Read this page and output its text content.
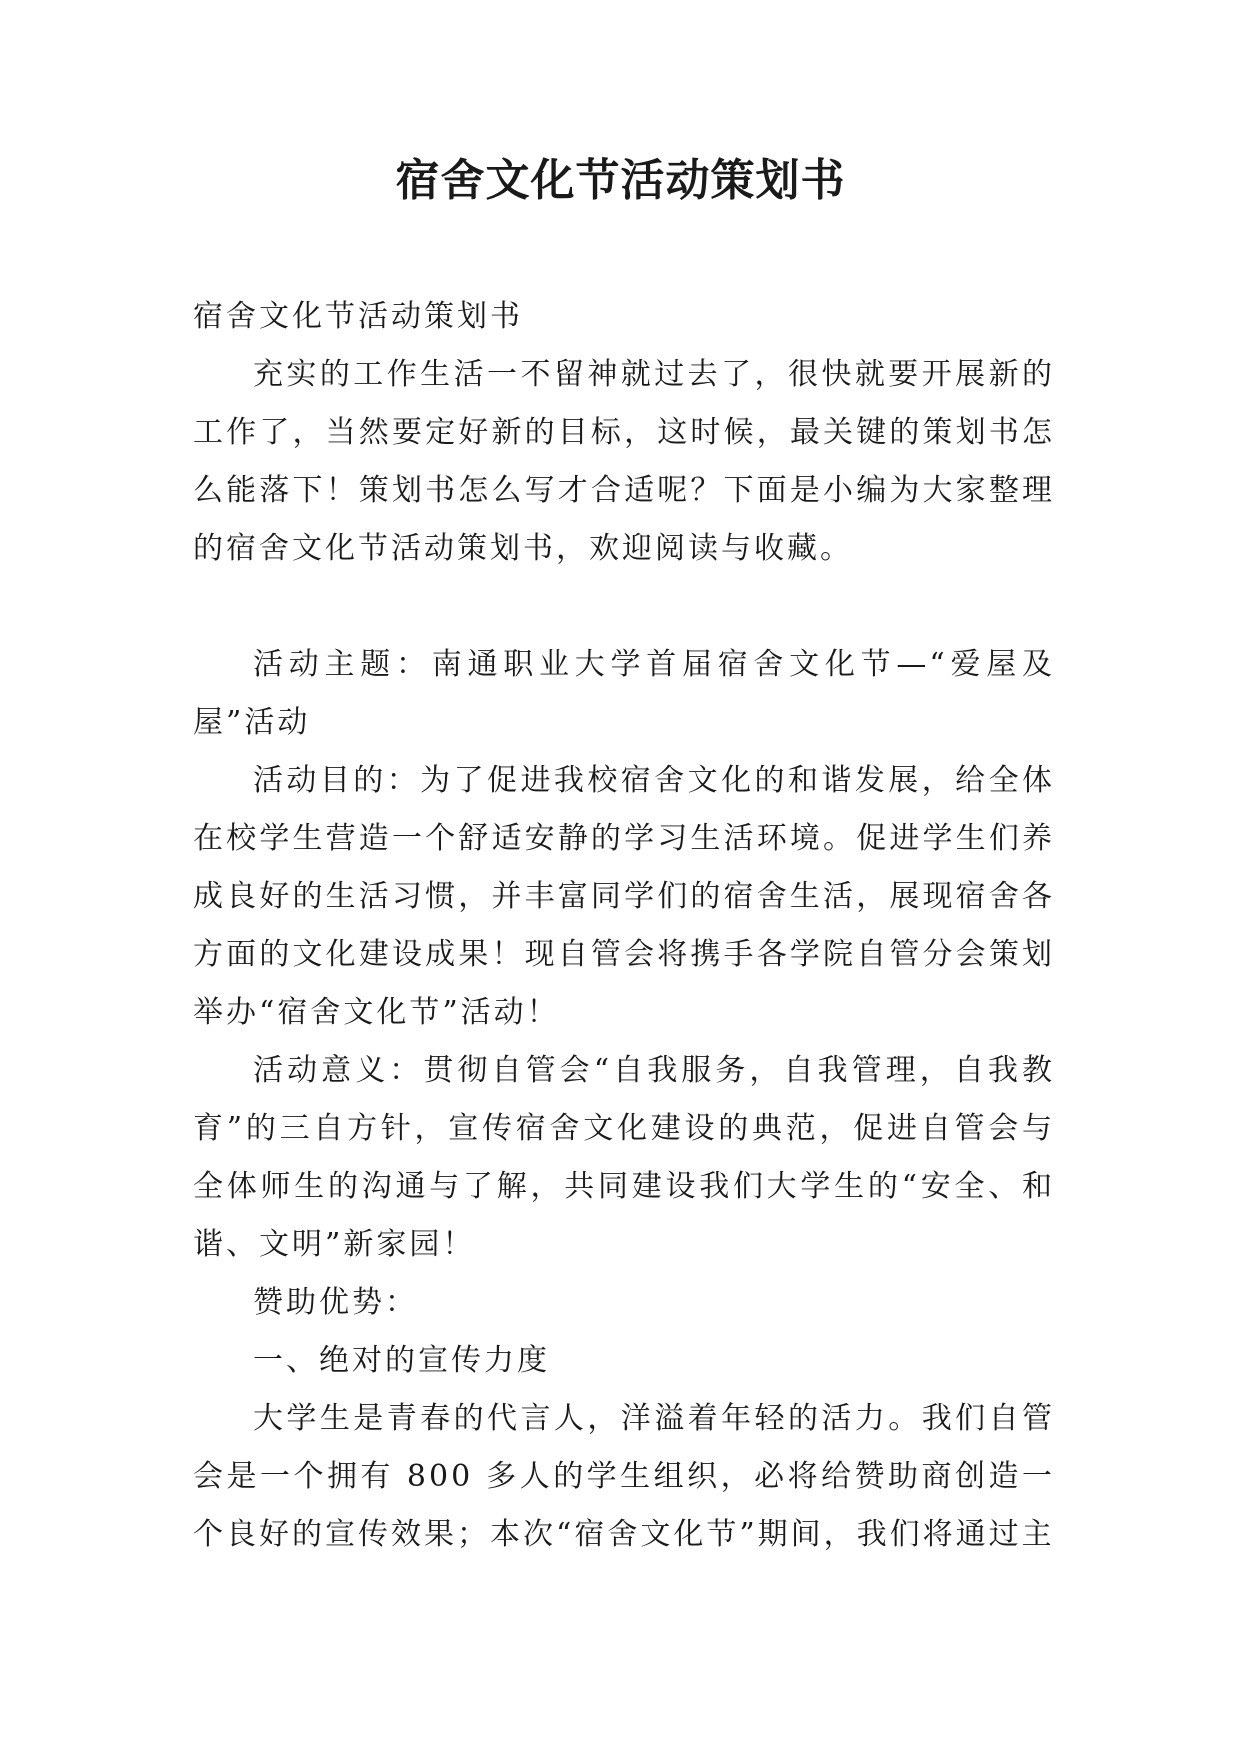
宿舍文化节活动策划书

宿舍文化节活动策划书

充实的工作生活一不留神就过去了，很快就要开展新的工作了，当然要定好新的目标，这时候，最关键的策划书怎么能落下！策划书怎么写才合适呢？下面是小编为大家整理的宿舍文化节活动策划书，欢迎阅读与收藏。

活动主题：南通职业大学首届宿舍文化节—“爱屋及屋”活动

活动目的：为了促进我校宿舍文化的和谐发展，给全体在校学生营造一个舒适安静的学习生活环境。促进学生们养成良好的生活习惯，并丰富同学们的宿舍生活，展现宿舍各方面的文化建设成果！现自管会将携手各学院自管分会策划举办“宿舍文化节”活动！

活动意义：贯彻自管会“自我服务，自我管理，自我教育”的三自方针，宣传宿舍文化建设的典范，促进自管会与全体师生的沟通与了解，共同建设我们大学生的“安全、和谐、文明”新家园！

赞助优势：

一、绝对的宣传力度

大学生是青春的代言人，洋溢着年轻的活力。我们自管会是一个拥有 800 多人的学生组织，必将给赞助商创造一个良好的宣传效果；本次“宿舍文化节”期间，我们将通过主
